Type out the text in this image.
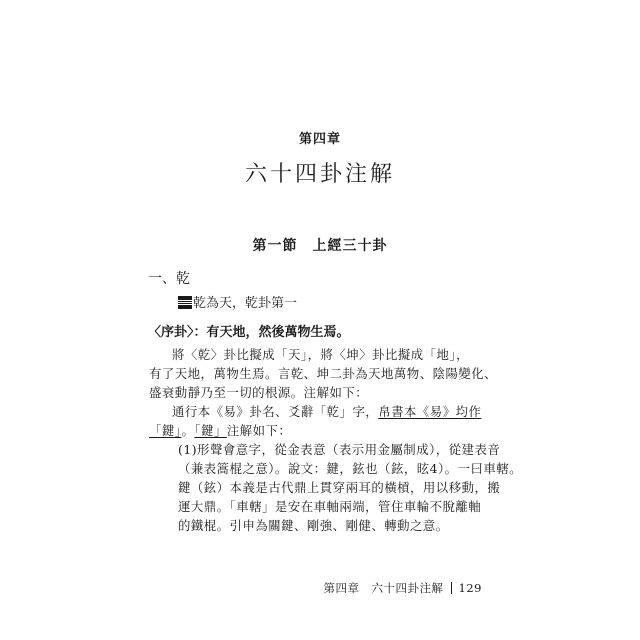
第四章
六十四卦注解
第一節　上經三十卦
一、乾
乾為天，乾卦第一
〈序卦〉：有天地，然後萬物生焉。
將〈乾〉卦比擬成「天」，將〈坤〉卦比擬成「地」，
有了天地，萬物生焉。言乾、坤二卦為天地萬物、陰陽變化、
盛衰動靜乃至一切的根源。注解如下：
通行本《易》卦名、爻辭「乾」字，帛書本《易》均作
「鍵」。「鍵」注解如下：
(1)形聲會意字，從金表意（表示用金屬制成），從建表音
（兼表篙棍之意）。說文：鍵，鉉也（鉉，昡4）。一曰車轄。
鍵（鉉）本義是古代鼎上貫穿兩耳的橫槓，用以移動，搬
運大鼎。「車轄」是安在車軸兩端，管住車輪不脫離軸
的鐵棍。引申為關鍵、剛強、剛健、轉動之意。
第四章　六十四卦注解 129
